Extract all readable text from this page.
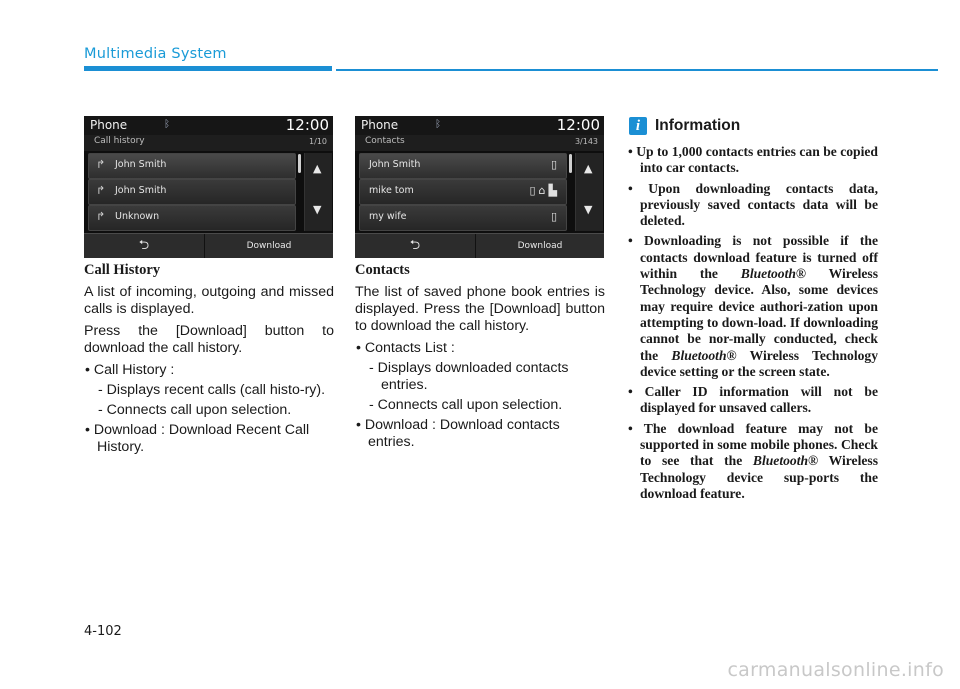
Multimedia System
Phone	ᛒ	12:00
Call history	1/10
↱ John Smith
↱ John Smith
↱ Unknown
▲
▼
⮌	Download
Phone	ᛒ	12:00
Contacts	3/143
John Smith	▯
mike tom	▯⌂▙
my wife	▯
▲
▼
⮌	Download

Call History

A list of incoming, outgoing and missed calls is displayed.

Press the [Download] button to download the call history.

• Call History :

- Displays recent calls (call histo-ry).

- Connects call upon selection.

• Download : Download Recent Call History.

Contacts

The list of saved phone book entries is displayed. Press the [Download] button to download the call history.

• Contacts List :

- Displays downloaded contacts entries.

- Connects call upon selection.

• Download : Download contacts entries.

i Information

• Up to 1,000 contacts entries can be copied into car contacts.

• Upon downloading contacts data, previously saved contacts data will be deleted.

• Downloading is not possible if the contacts download feature is turned off within the Bluetooth® Wireless Technology device. Also, some devices may require device authori-zation upon attempting to down-load. If downloading cannot be nor-mally conducted, check the Bluetooth® Wireless Technology device setting or the screen state.

• Caller ID information will not be displayed for unsaved callers.

• The download feature may not be supported in some mobile phones. Check to see that the Bluetooth® Wireless Technology device sup-ports the download feature.

4-102
carmanualsonline.info
